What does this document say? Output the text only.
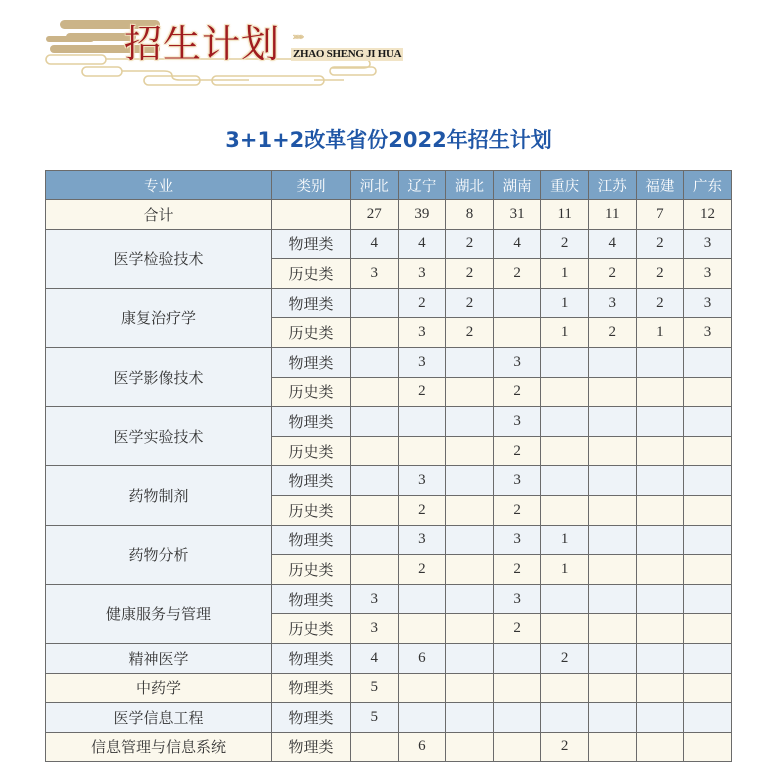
招生计划 ›››››››
ZHAO SHENG JI HUA
3+1+2改革省份2022年招生计划
专业	类别	河北	辽宁	湖北	湖南	重庆	江苏	福建	广东
合计		27	39	8	31	11	11	7	12
医学检验技术	物理类	4	4	2	4	2	4	2	3
	历史类	3	3	2	2	1	2	2	3
康复治疗学	物理类		2	2		1	3	2	3
	历史类		3	2		1	2	1	3
医学影像技术	物理类		3		3				
	历史类		2		2				
医学实验技术	物理类				3				
	历史类				2				
药物制剂	物理类		3		3				
	历史类		2		2				
药物分析	物理类		3		3	1			
	历史类		2		2	1			
健康服务与管理	物理类	3			3				
	历史类	3			2				
精神医学	物理类	4	6			2			
中药学	物理类	5							
医学信息工程	物理类	5							
信息管理与信息系统	物理类		6			2			
